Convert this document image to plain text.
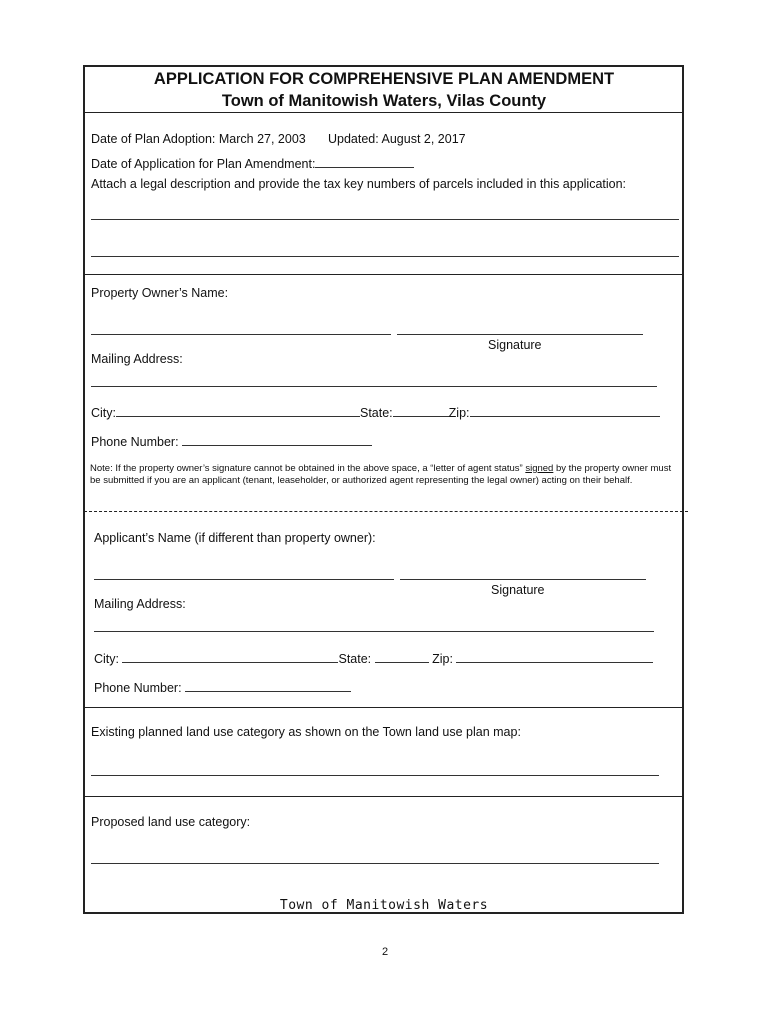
APPLICATION FOR COMPREHENSIVE PLAN AMENDMENT
Town of Manitowish Waters, Vilas County
Date of Plan Adoption: March 27, 2003 Updated: August 2, 2017
Date of Application for Plan Amendment:
Attach a legal description and provide the tax key numbers of parcels included in this application:
Property Owner’s Name:
Signature
Mailing Address:
City:	State:	Zip:
Phone Number:
Note: If the property owner’s signature cannot be obtained in the above space, a “letter of agent status” signed by the property owner must be submitted if you are an applicant (tenant, leaseholder, or authorized agent representing the legal owner) acting on their behalf.
Applicant’s Name (if different than property owner):
Signature
Mailing Address:
City:	State:	Zip:
Phone Number:
Existing planned land use category as shown on the Town land use plan map:
Proposed land use category:
Town of Manitowish Waters
2
